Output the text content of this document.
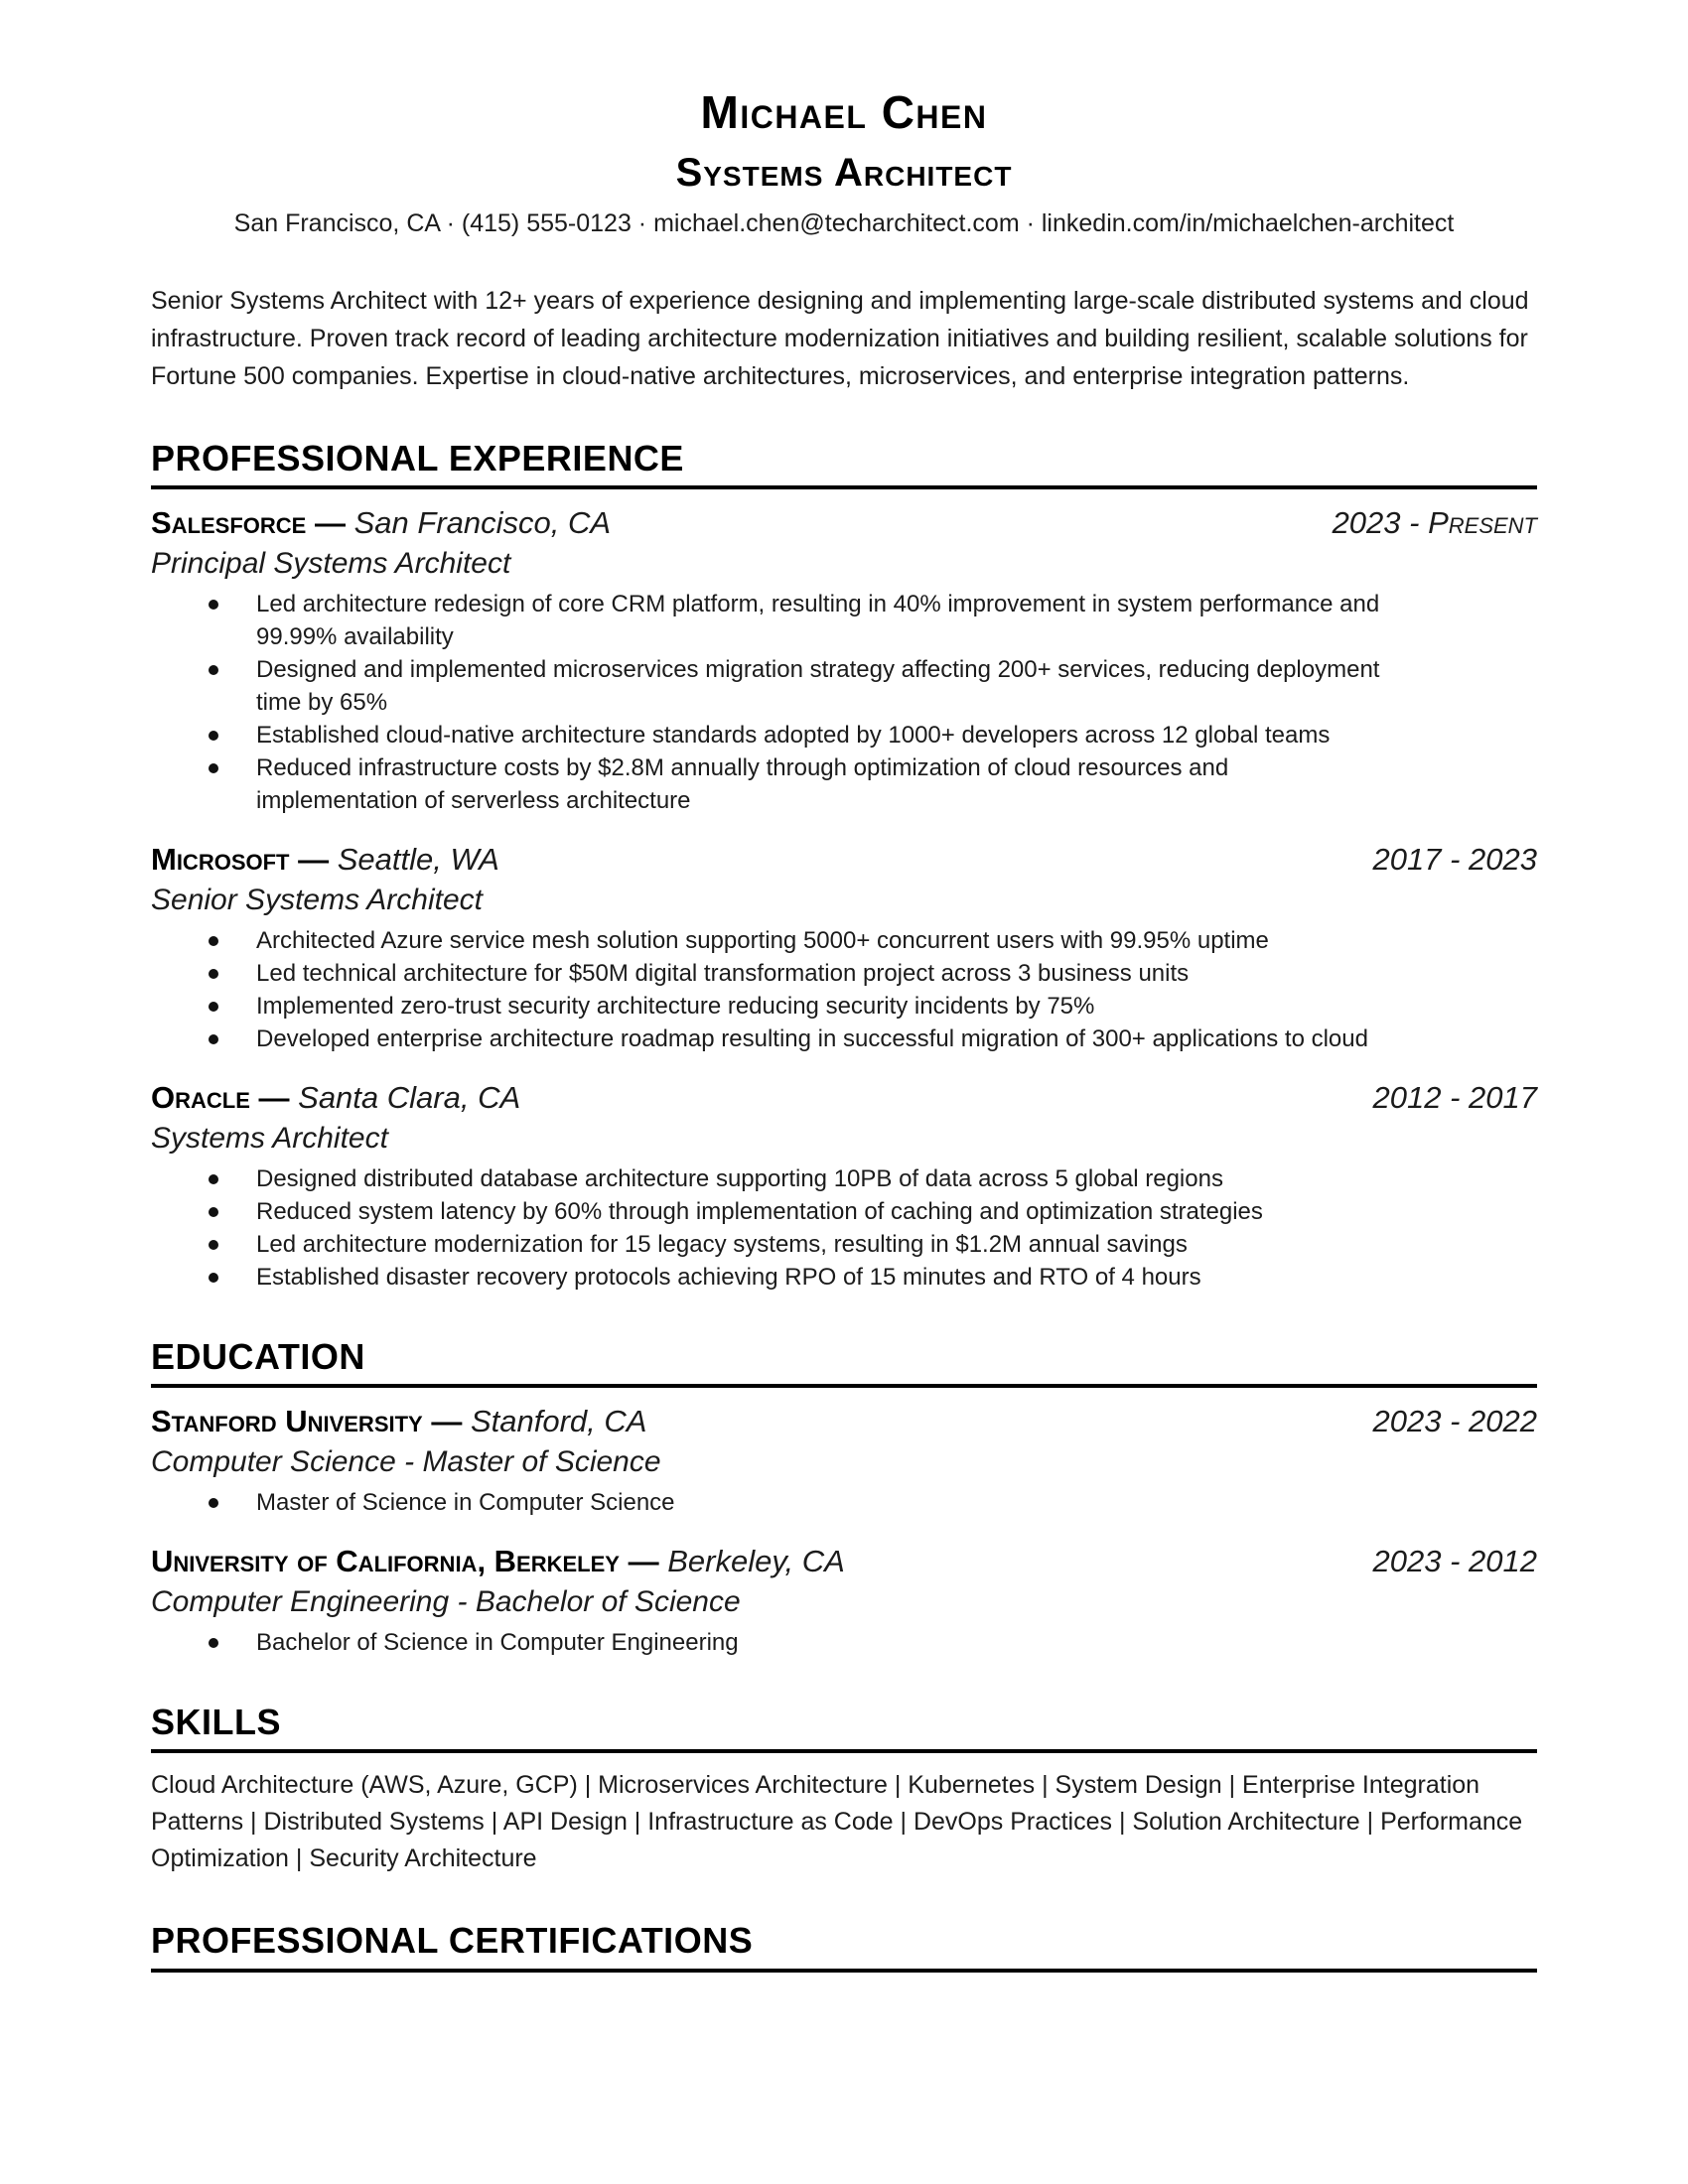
Michael Chen
Systems Architect

San Francisco, CA · (415) 555-0123 · michael.chen@techarchitect.com · linkedin.com/in/michaelchen-architect

Senior Systems Architect with 12+ years of experience designing and implementing large-scale distributed systems and cloud infrastructure. Proven track record of leading architecture modernization initiatives and building resilient, scalable solutions for Fortune 500 companies. Expertise in cloud-native architectures, microservices, and enterprise integration patterns.

PROFESSIONAL EXPERIENCE
Salesforce — San Francisco, CA	2023 - Present
Principal Systems Architect
Led architecture redesign of core CRM platform, resulting in 40% improvement in system performance and 99.99% availability
Designed and implemented microservices migration strategy affecting 200+ services, reducing deployment time by 65%
Established cloud-native architecture standards adopted by 1000+ developers across 12 global teams
Reduced infrastructure costs by $2.8M annually through optimization of cloud resources and implementation of serverless architecture
Microsoft — Seattle, WA	2017 - 2023
Senior Systems Architect
Architected Azure service mesh solution supporting 5000+ concurrent users with 99.95% uptime
Led technical architecture for $50M digital transformation project across 3 business units
Implemented zero-trust security architecture reducing security incidents by 75%
Developed enterprise architecture roadmap resulting in successful migration of 300+ applications to cloud
Oracle — Santa Clara, CA	2012 - 2017
Systems Architect
Designed distributed database architecture supporting 10PB of data across 5 global regions
Reduced system latency by 60% through implementation of caching and optimization strategies
Led architecture modernization for 15 legacy systems, resulting in $1.2M annual savings
Established disaster recovery protocols achieving RPO of 15 minutes and RTO of 4 hours
EDUCATION
Stanford University — Stanford, CA	2023 - 2022
Computer Science - Master of Science
Master of Science in Computer Science
University of California, Berkeley — Berkeley, CA	2023 - 2012
Computer Engineering - Bachelor of Science
Bachelor of Science in Computer Engineering
SKILLS

Cloud Architecture (AWS, Azure, GCP) | Microservices Architecture | Kubernetes | System Design | Enterprise Integration Patterns | Distributed Systems | API Design | Infrastructure as Code | DevOps Practices | Solution Architecture | Performance Optimization | Security Architecture

PROFESSIONAL CERTIFICATIONS
